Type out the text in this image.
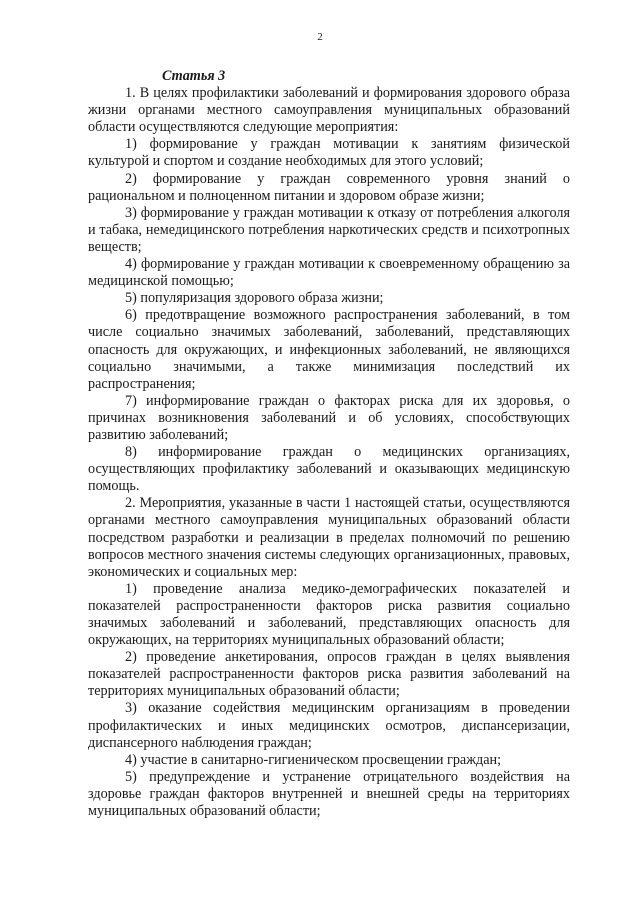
2

Статья 3

1. В целях профилактики заболеваний и формирования здорового образа жизни органами местного самоуправления муниципальных образований области осуществляются следующие мероприятия:

1) формирование у граждан мотивации к занятиям физической культурой и спортом и создание необходимых для этого условий;

2) формирование у граждан современного уровня знаний о рациональном и полноценном питании и здоровом образе жизни;

3) формирование у граждан мотивации к отказу от потребления алкоголя и табака, немедицинского потребления наркотических средств и психотропных веществ;

4) формирование у граждан мотивации к своевременному обращению за медицинской помощью;

5) популяризация здорового образа жизни;

6) предотвращение возможного распространения заболеваний, в том числе социально значимых заболеваний, заболеваний, представляющих опасность для окружающих, и инфекционных заболеваний, не являющихся социально значимыми, а также минимизация последствий их распространения;

7) информирование граждан о факторах риска для их здоровья, о причинах возникновения заболеваний и об условиях, способствующих развитию заболеваний;

8) информирование граждан о медицинских организациях, осуществляющих профилактику заболеваний и оказывающих медицинскую помощь.

2. Мероприятия, указанные в части 1 настоящей статьи, осуществляются органами местного самоуправления муниципальных образований области посредством разработки и реализации в пределах полномочий по решению вопросов местного значения системы следующих организационных, правовых, экономических и социальных мер:

1) проведение анализа медико-демографических показателей и показателей распространенности факторов риска развития социально значимых заболеваний и заболеваний, представляющих опасность для окружающих, на территориях муниципальных образований области;

2) проведение анкетирования, опросов граждан в целях выявления показателей распространенности факторов риска развития заболеваний на территориях муниципальных образований области;

3) оказание содействия медицинским организациям в проведении профилактических и иных медицинских осмотров, диспансеризации, диспансерного наблюдения граждан;

4) участие в санитарно-гигиеническом просвещении граждан;

5) предупреждение и устранение отрицательного воздействия на здоровье граждан факторов внутренней и внешней среды на территориях муниципальных образований области;
